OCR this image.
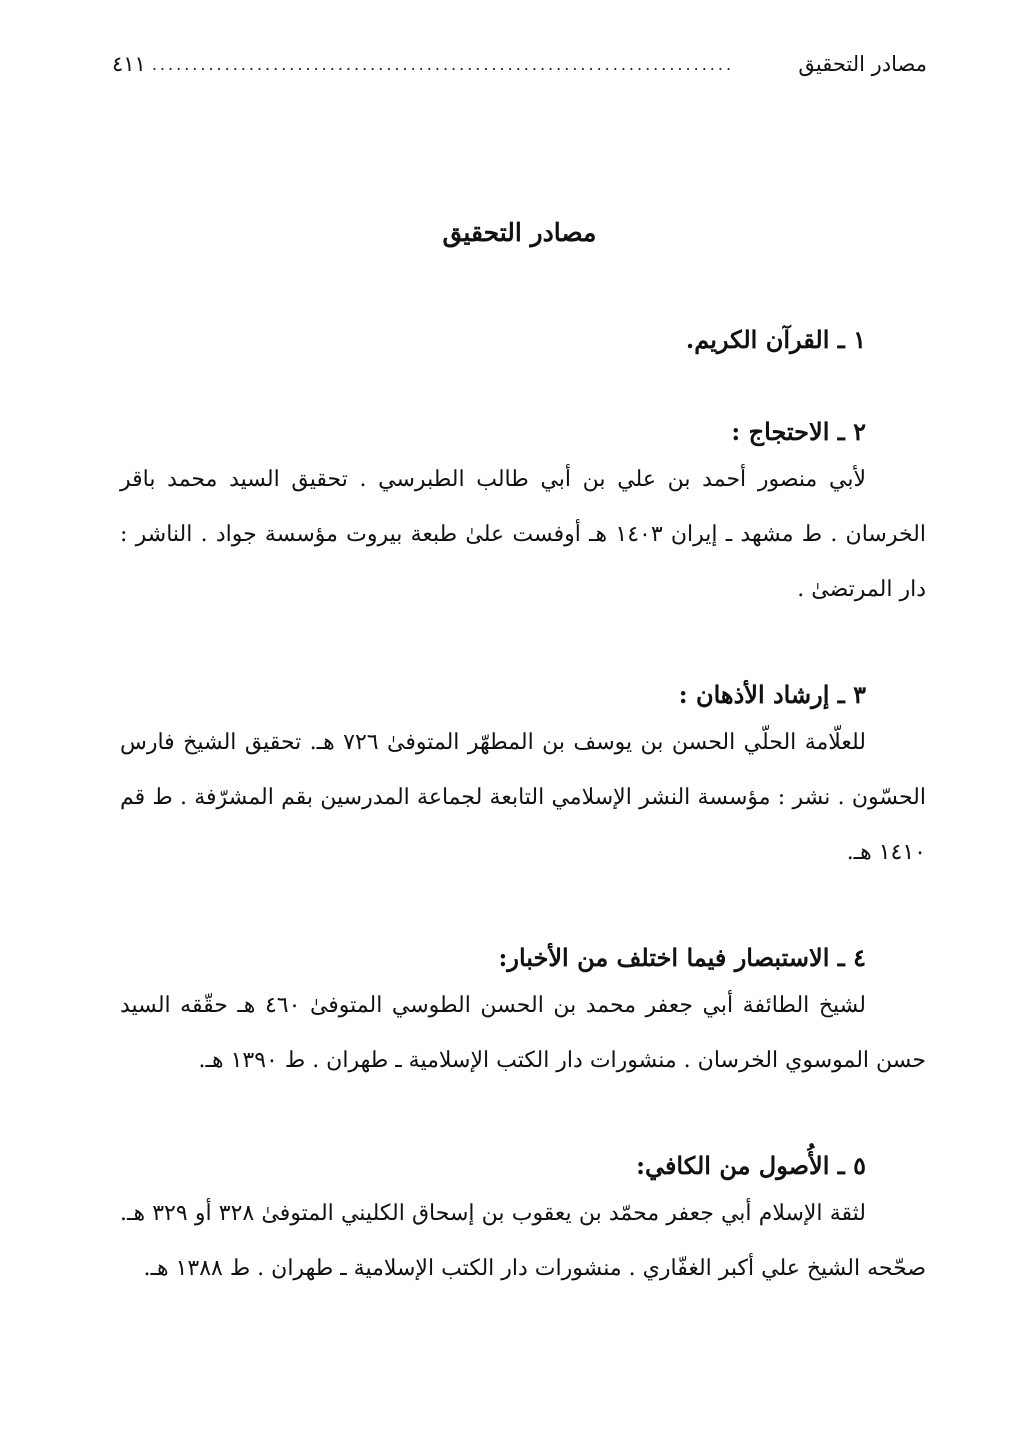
مصادر التحقيق
........................................................................
٤١١
مصادر التحقيق
١ ـ القرآن الكريم.
٢ ـ الاحتجاج :
لأبي منصور أحمد بن علي بن أبي طالب الطبرسي . تحقيق السيد محمد باقر الخرسان . ط مشهد ـ إيران ١٤٠٣ هـ أوفست علىٰ طبعة بيروت مؤسسة جواد . الناشر : دار المرتضىٰ .
٣ ـ إرشاد الأذهان :
للعلّامة الحلّي الحسن بن يوسف بن المطهّر المتوفىٰ ٧٢٦ هـ. تحقيق الشيخ فارس الحسّون . نشر : مؤسسة النشر الإسلامي التابعة لجماعة المدرسين بقم المشرّفة . ط قم ١٤١٠ هـ.
٤ ـ الاستبصار فيما اختلف من الأخبار:
لشيخ الطائفة أبي جعفر محمد بن الحسن الطوسي المتوفىٰ ٤٦٠ هـ حقّقه السيد حسن الموسوي الخرسان . منشورات دار الكتب الإسلامية ـ طهران . ط ١٣٩٠ هـ.
٥ ـ الأُصول من الكافي:
لثقة الإسلام أبي جعفر محمّد بن يعقوب بن إسحاق الكليني المتوفىٰ ٣٢٨ أو ٣٢٩ هـ. صحّحه الشيخ علي أكبر الغفّاري . منشورات دار الكتب الإسلامية ـ طهران . ط ١٣٨٨ هـ.
